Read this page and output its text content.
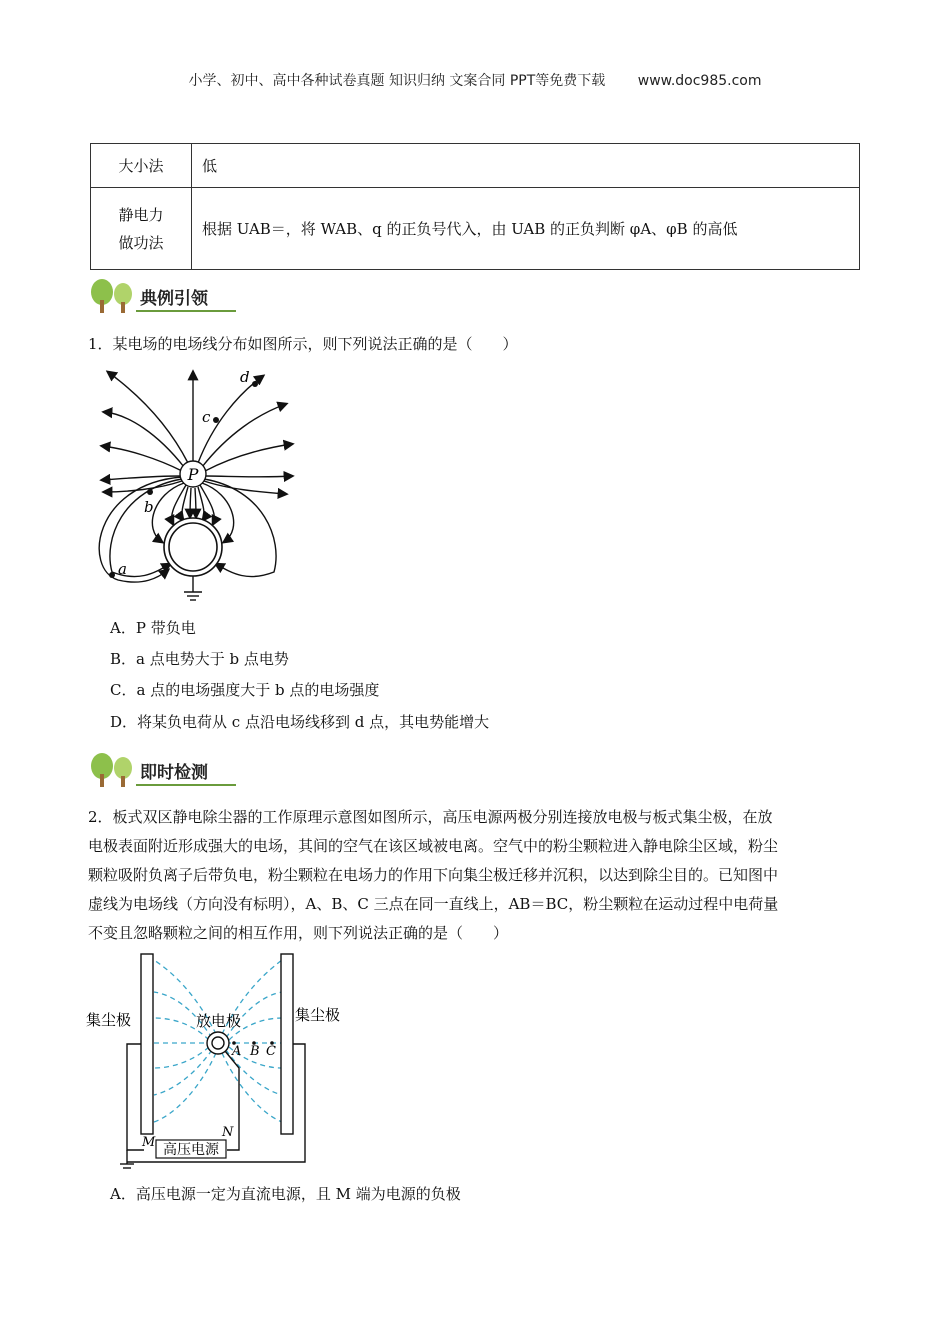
小学、初中、高中各种试卷真题 知识归纳 文案合同 PPT等免费下载 www.doc985.com
大小法	低

静电力
做功法	根据 UAB＝，将 WAB、q 的正负号代入，由 UAB 的正负判断 φA、φB 的高低
典例引领
1．某电场的电场线分布如图所示，则下列说法正确的是（　　）
P
d
c
b
a
A．P 带负电
B．a 点电势大于 b 点电势
C．a 点的电场强度大于 b 点的电场强度
D．将某负电荷从 c 点沿电场线移到 d 点，其电势能增大
即时检测
2．板式双区静电除尘器的工作原理示意图如图所示，高压电源两极分别连接放电极与板式集尘极，在放
电极表面附近形成强大的电场，其间的空气在该区域被电离。空气中的粉尘颗粒进入静电除尘区域，粉尘
颗粒吸附负离子后带负电，粉尘颗粒在电场力的作用下向集尘极迁移并沉积，以达到除尘目的。已知图中
虚线为电场线（方向没有标明），A、B、C 三点在同一直线上，AB＝BC，粉尘颗粒在运动过程中电荷量
不变且忽略颗粒之间的相互作用，则下列说法正确的是（　　）
高压电源
A B C
M
N
集尘极	集尘极
放电极
A．高压电源一定为直流电源，且 M 端为电源的负极
